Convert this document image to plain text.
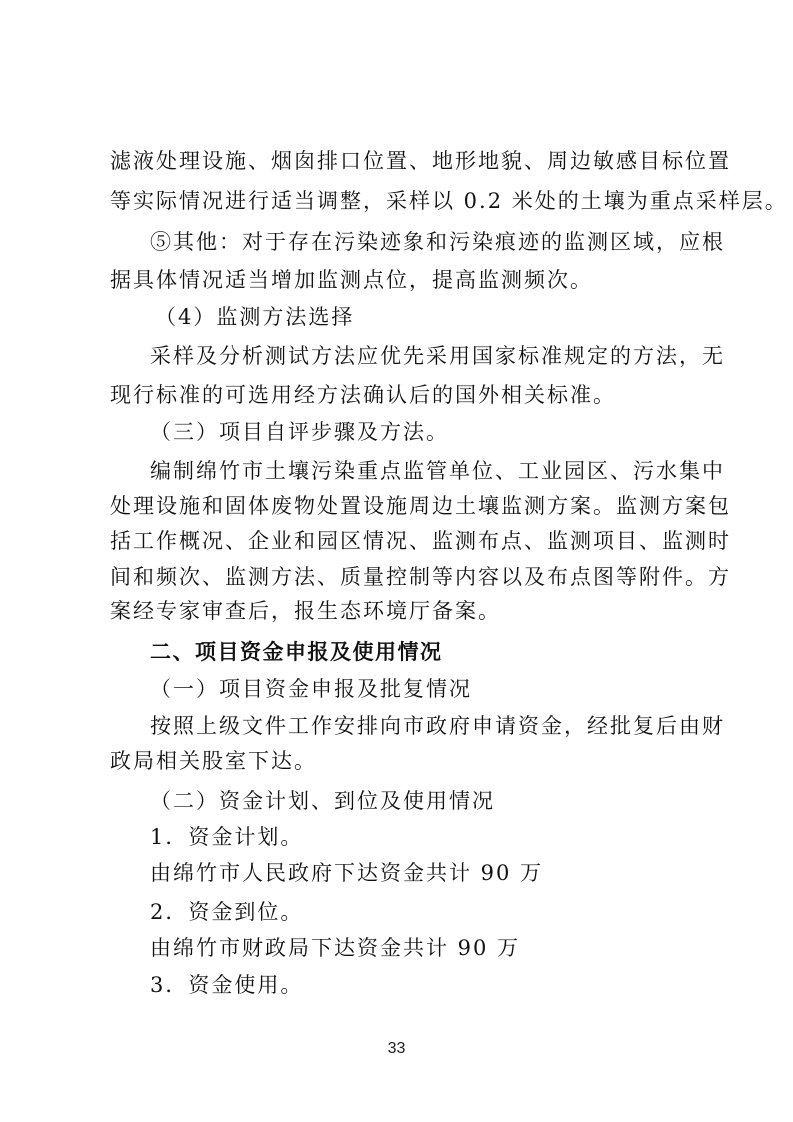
滤液处理设施、烟囱排口位置、地形地貌、周边敏感目标位置
等实际情况进行适当调整，采样以 0.2 米处的土壤为重点采样层。
⑤其他：对于存在污染迹象和污染痕迹的监测区域，应根
据具体情况适当增加监测点位，提高监测频次。
（4）监测方法选择
采样及分析测试方法应优先采用国家标准规定的方法，无
现行标准的可选用经方法确认后的国外相关标准。
（三）项目自评步骤及方法。
编制绵竹市土壤污染重点监管单位、工业园区、污水集中
处理设施和固体废物处置设施周边土壤监测方案。监测方案包
括工作概况、企业和园区情况、监测布点、监测项目、监测时
间和频次、监测方法、质量控制等内容以及布点图等附件。方
案经专家审查后，报生态环境厅备案。
二、项目资金申报及使用情况
（一）项目资金申报及批复情况
按照上级文件工作安排向市政府申请资金，经批复后由财
政局相关股室下达。
（二）资金计划、到位及使用情况
1．资金计划。
由绵竹市人民政府下达资金共计 90 万
2．资金到位。
由绵竹市财政局下达资金共计 90 万
3．资金使用。
33
